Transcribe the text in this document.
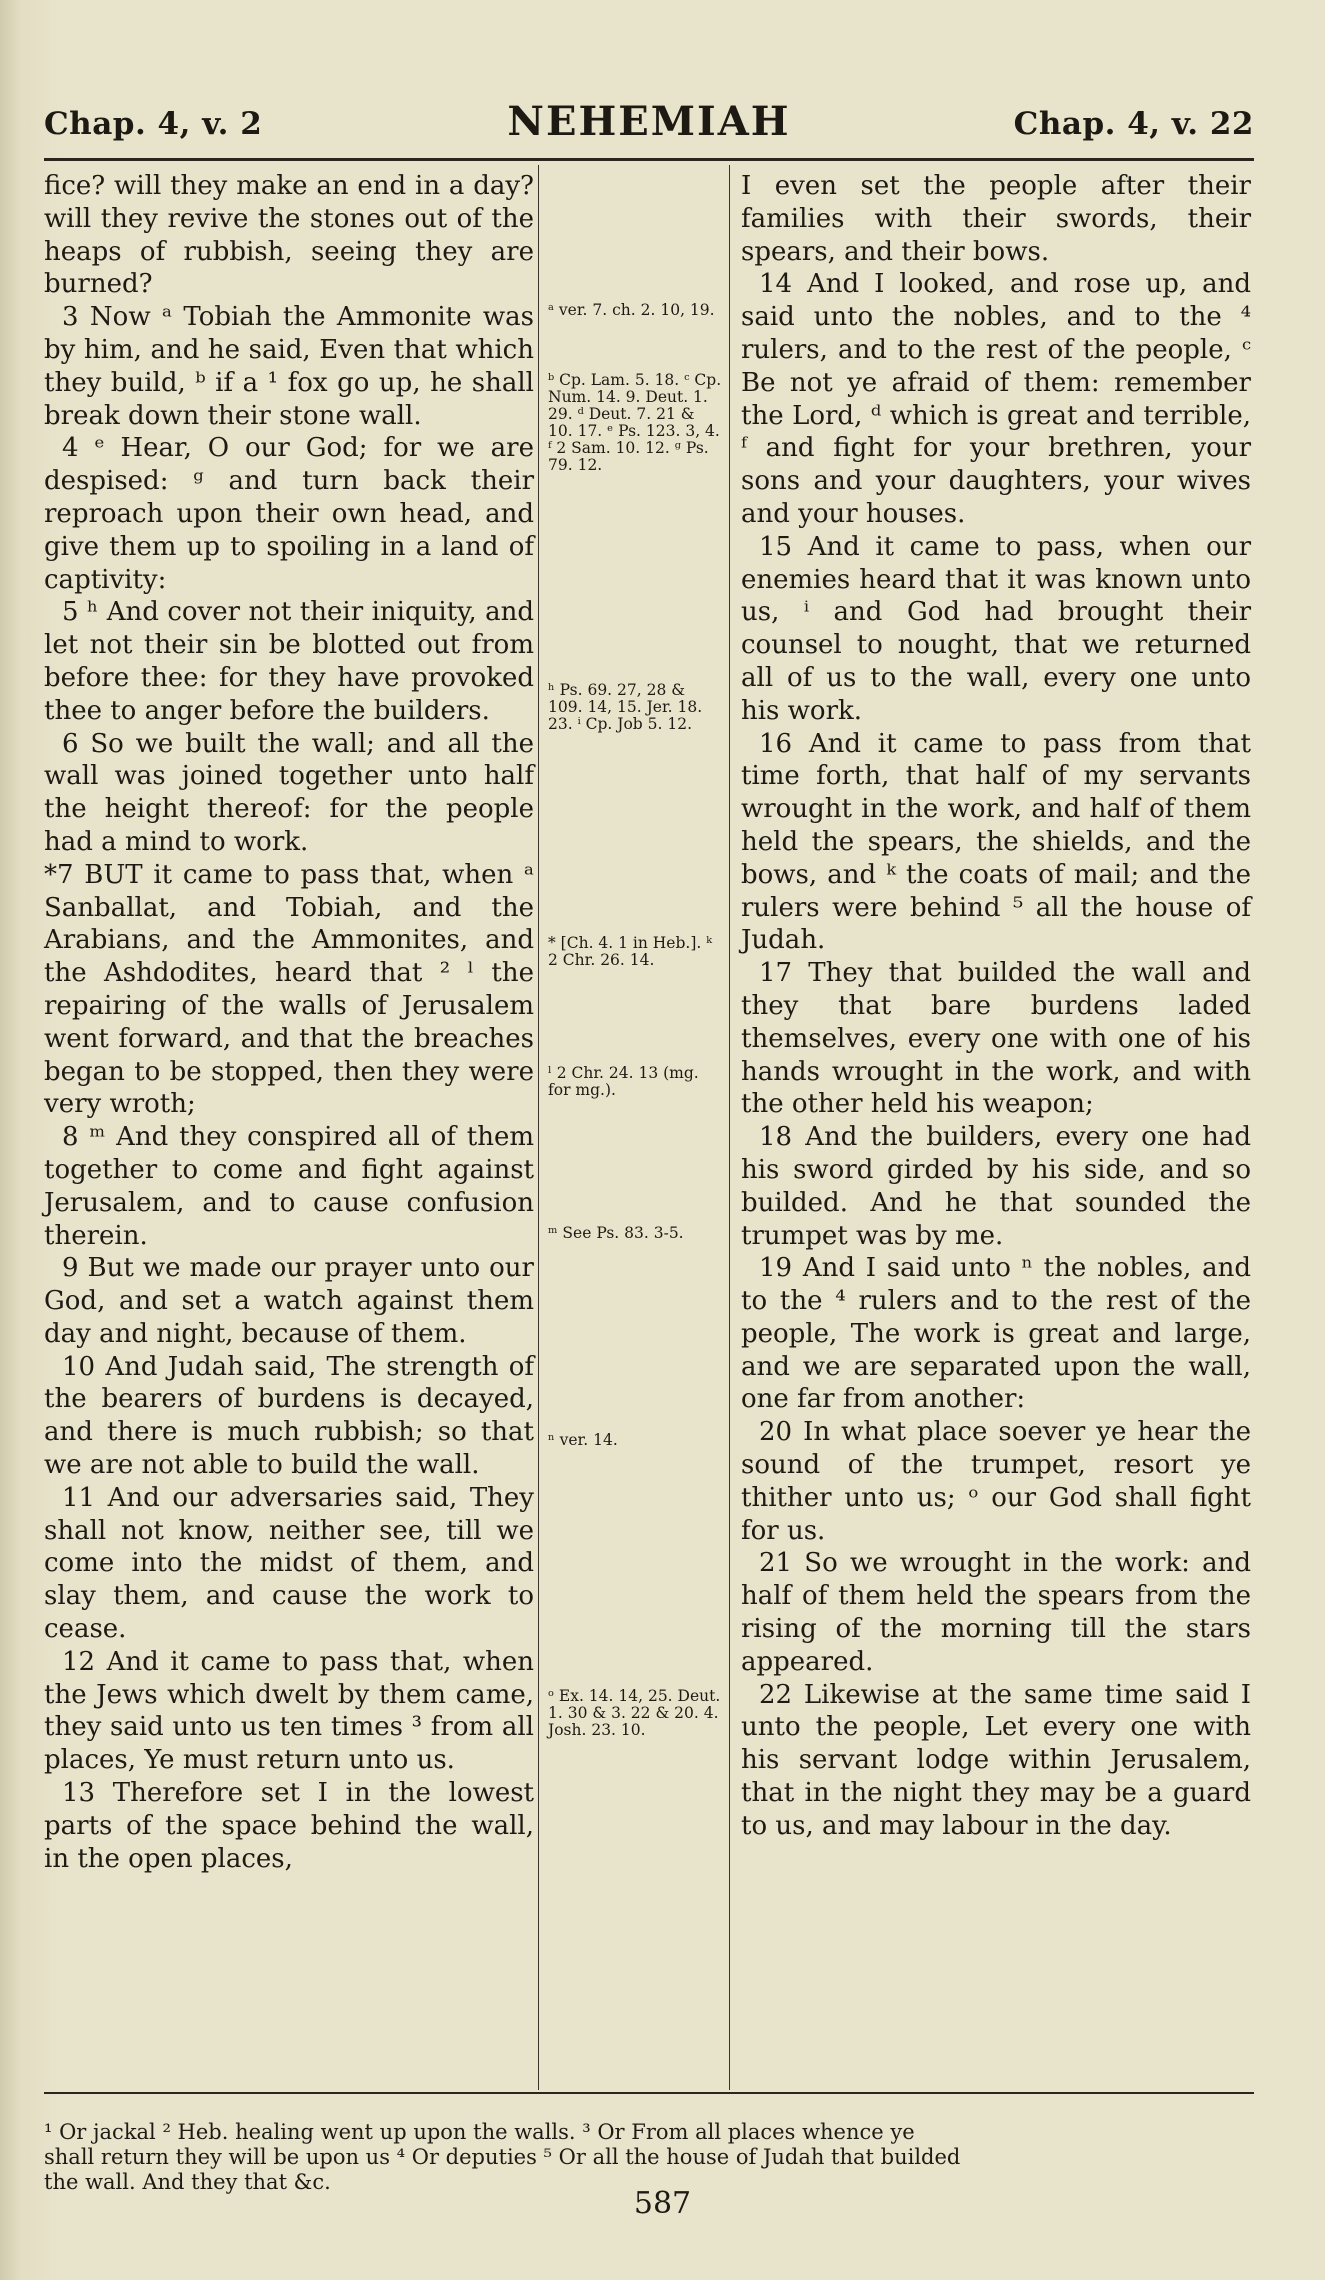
Chap. 4, v. 2	NEHEMIAH	Chap. 4, v. 22

fice? will they make an end in a day? will they revive the stones out of the heaps of rubbish, seeing they are burned?

3 Now ᵃ Tobiah the Ammonite was by him, and he said, Even that which they build, ᵇ if a ¹ fox go up, he shall break down their stone wall.

4 ᵉ Hear, O our God; for we are despised: ᵍ and turn back their reproach upon their own head, and give them up to spoiling in a land of captivity:

5 ʰ And cover not their iniquity, and let not their sin be blotted out from before thee: for they have provoked thee to anger before the builders.

6 So we built the wall; and all the wall was joined together unto half the height thereof: for the people had a mind to work.

*7 BUT it came to pass that, when ᵃ Sanballat, and Tobiah, and the Arabians, and the Ammonites, and the Ashdodites, heard that ² ˡ the repairing of the walls of Jerusalem went forward, and that the breaches began to be stopped, then they were very wroth;

8 ᵐ And they conspired all of them together to come and fight against Jerusalem, and to cause confusion therein.

9 But we made our prayer unto our God, and set a watch against them day and night, because of them.

10 And Judah said, The strength of the bearers of burdens is decayed, and there is much rubbish; so that we are not able to build the wall.

11 And our adversaries said, They shall not know, neither see, till we come into the midst of them, and slay them, and cause the work to cease.

12 And it came to pass that, when the Jews which dwelt by them came, they said unto us ten times ³ from all places, Ye must return unto us.

13 Therefore set I in the lowest parts of the space behind the wall, in the open places,

ᵃ ver. 7. ch. 2. 10, 19.
ᵇ Cp. Lam. 5. 18. ᶜ Cp. Num. 14. 9. Deut. 1. 29. ᵈ Deut. 7. 21 & 10. 17. ᵉ Ps. 123. 3, 4. ᶠ 2 Sam. 10. 12. ᵍ Ps. 79. 12.
ʰ Ps. 69. 27, 28 & 109. 14, 15. Jer. 18. 23. ⁱ Cp. Job 5. 12.
* [Ch. 4. 1 in Heb.]. ᵏ 2 Chr. 26. 14.
ˡ 2 Chr. 24. 13 (mg. for mg.).
ᵐ See Ps. 83. 3-5.
ⁿ ver. 14.
ᵒ Ex. 14. 14, 25. Deut. 1. 30 & 3. 22 & 20. 4. Josh. 23. 10.

I even set the people after their families with their swords, their spears, and their bows.

14 And I looked, and rose up, and said unto the nobles, and to the ⁴ rulers, and to the rest of the people, ᶜ Be not ye afraid of them: remember the Lord, ᵈ which is great and terrible, ᶠ and fight for your brethren, your sons and your daughters, your wives and your houses.

15 And it came to pass, when our enemies heard that it was known unto us, ⁱ and God had brought their counsel to nought, that we returned all of us to the wall, every one unto his work.

16 And it came to pass from that time forth, that half of my servants wrought in the work, and half of them held the spears, the shields, and the bows, and ᵏ the coats of mail; and the rulers were behind ⁵ all the house of Judah.

17 They that builded the wall and they that bare burdens laded themselves, every one with one of his hands wrought in the work, and with the other held his weapon;

18 And the builders, every one had his sword girded by his side, and so builded. And he that sounded the trumpet was by me.

19 And I said unto ⁿ the nobles, and to the ⁴ rulers and to the rest of the people, The work is great and large, and we are separated upon the wall, one far from another:

20 In what place soever ye hear the sound of the trumpet, resort ye thither unto us; ᵒ our God shall fight for us.

21 So we wrought in the work: and half of them held the spears from the rising of the morning till the stars appeared.

22 Likewise at the same time said I unto the people, Let every one with his servant lodge within Jerusalem, that in the night they may be a guard to us, and may labour in the day.

¹ Or jackal ² Heb. healing went up upon the walls. ³ Or From all places whence ye
shall return they will be upon us ⁴ Or deputies ⁵ Or all the house of Judah that builded
the wall. And they that &c.
587
